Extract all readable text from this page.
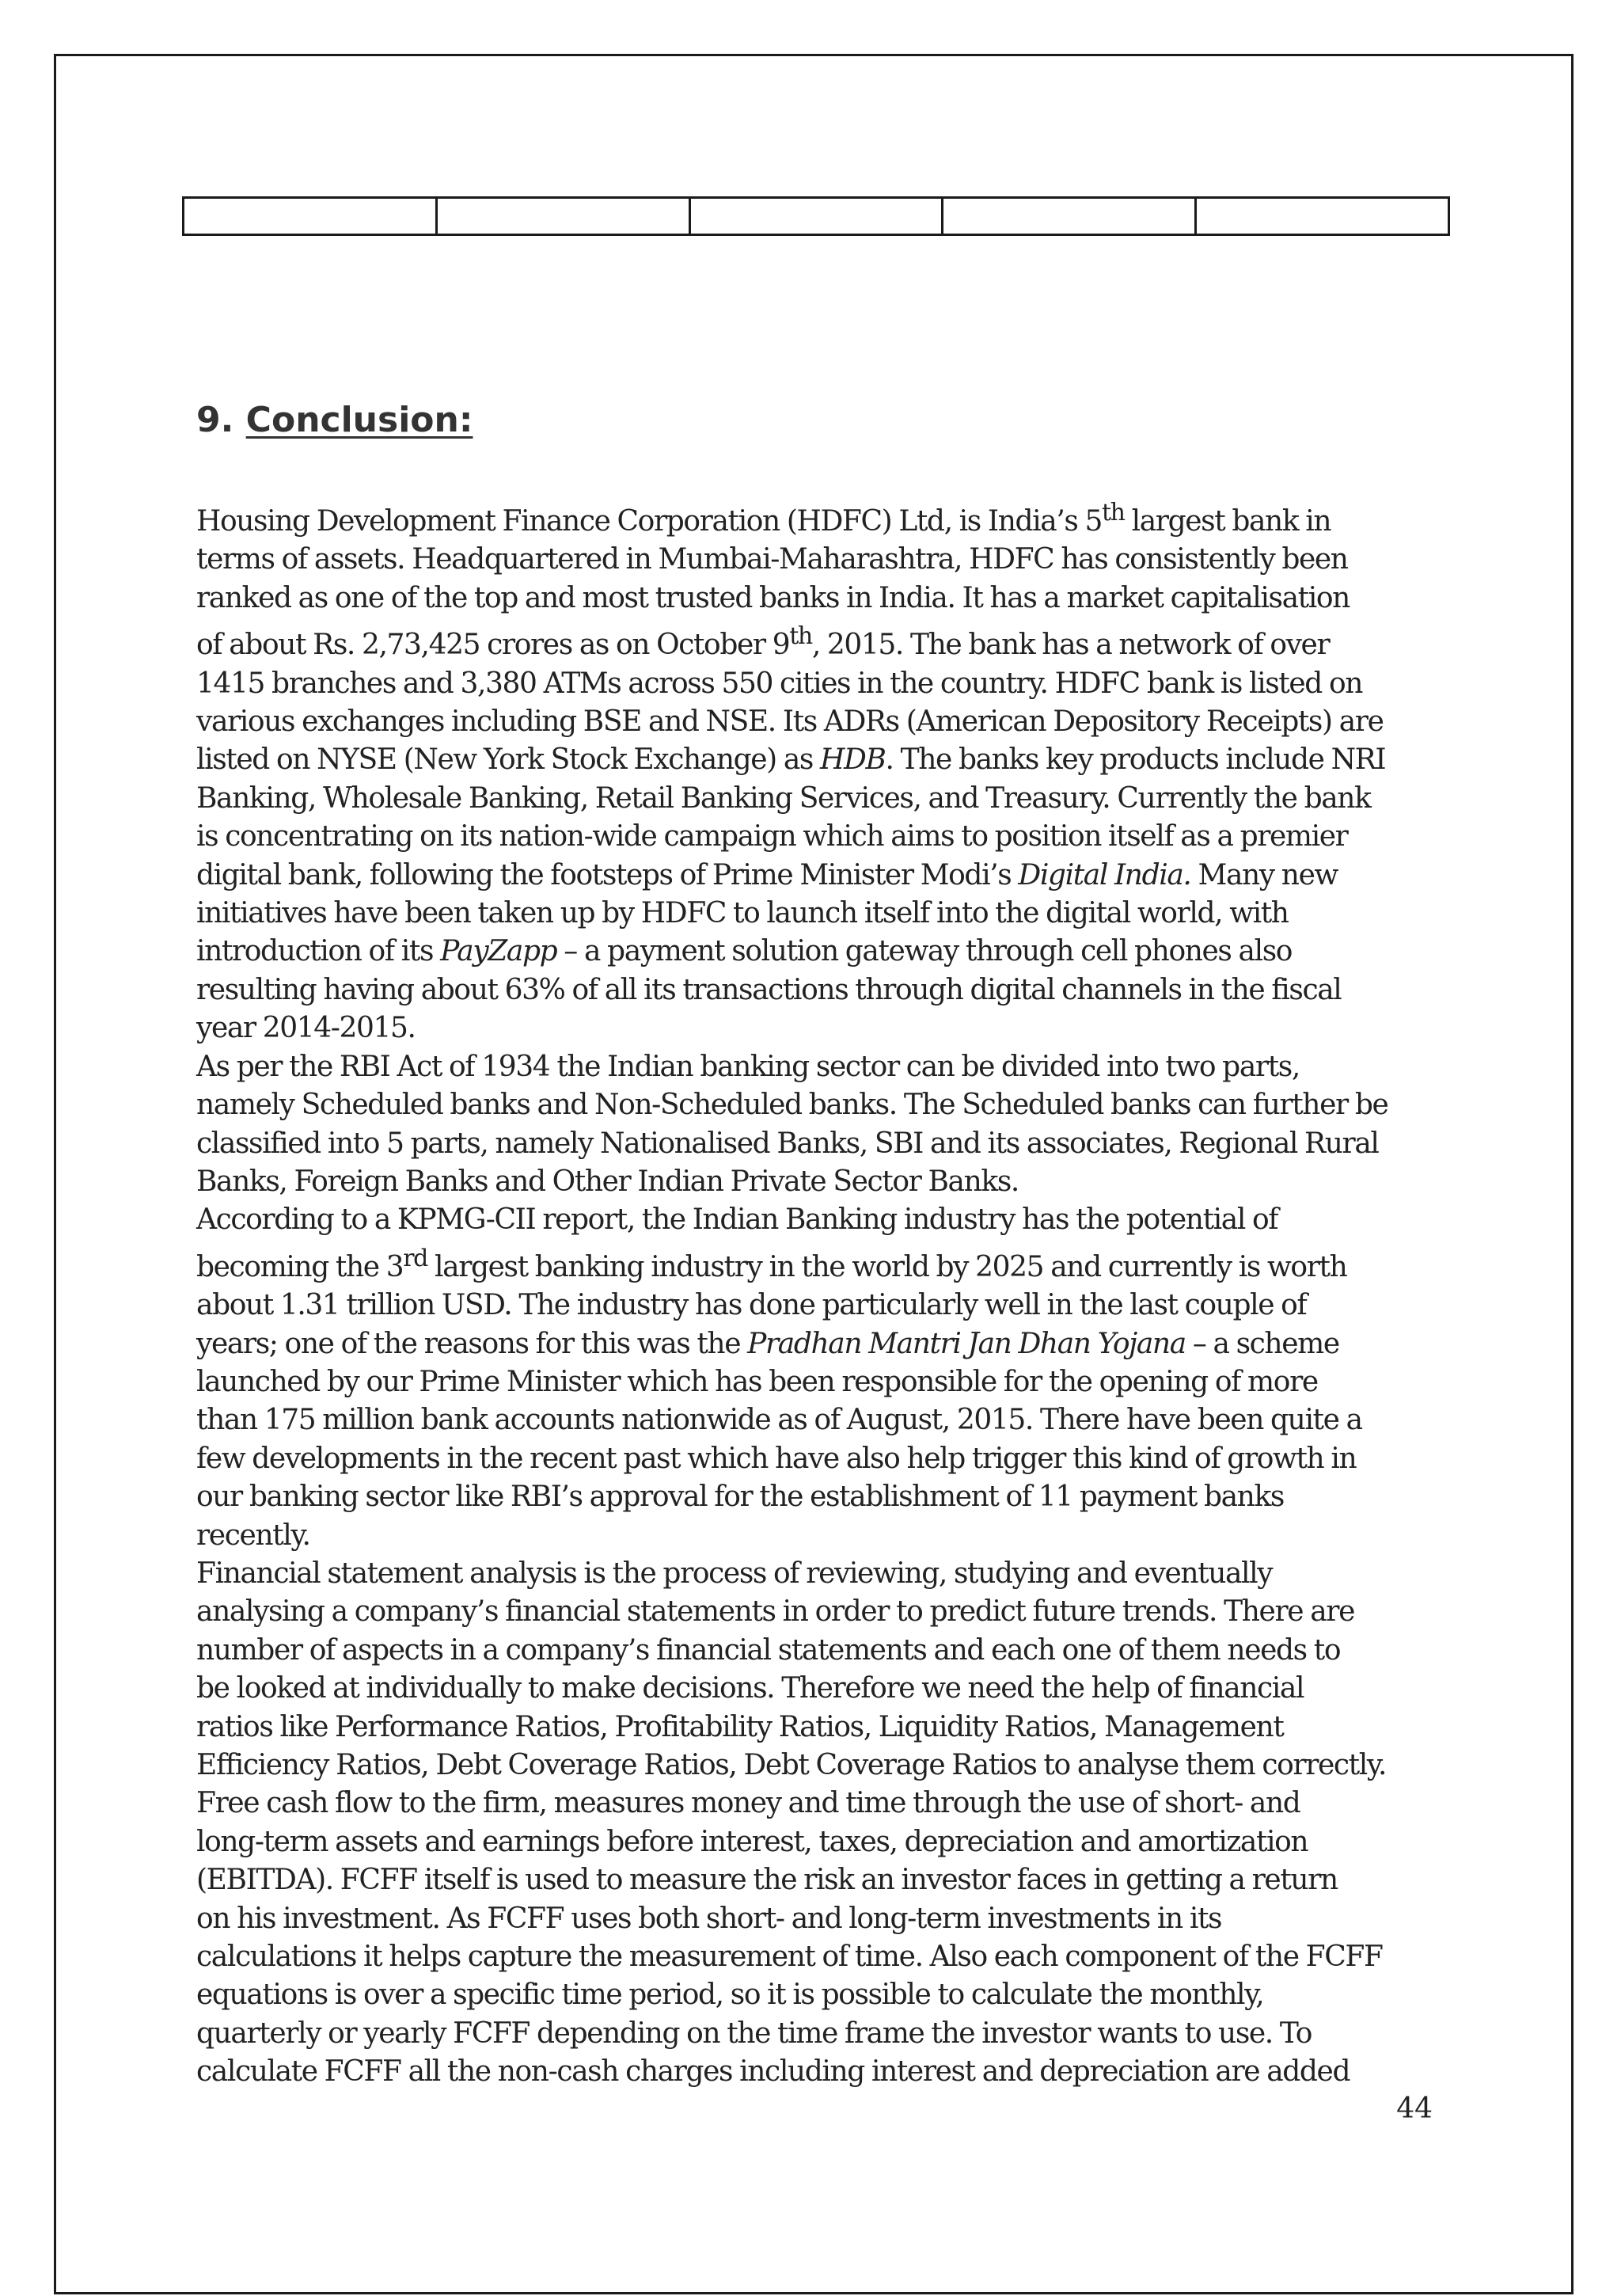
9. Conclusion:
Housing Development Finance Corporation (HDFC) Ltd, is India’s 5th largest bank in
terms of assets. Headquartered in Mumbai-Maharashtra, HDFC has consistently been
ranked as one of the top and most trusted banks in India. It has a market capitalisation
of about Rs. 2,73,425 crores as on October 9th, 2015. The bank has a network of over
1415 branches and 3,380 ATMs across 550 cities in the country. HDFC bank is listed on
various exchanges including BSE and NSE. Its ADRs (American Depository Receipts) are
listed on NYSE (New York Stock Exchange) as HDB. The banks key products include NRI
Banking, Wholesale Banking, Retail Banking Services, and Treasury. Currently the bank
is concentrating on its nation-wide campaign which aims to position itself as a premier
digital bank, following the footsteps of Prime Minister Modi’s Digital India. Many new
initiatives have been taken up by HDFC to launch itself into the digital world, with
introduction of its PayZapp – a payment solution gateway through cell phones also
resulting having about 63% of all its transactions through digital channels in the fiscal
year 2014-2015.
As per the RBI Act of 1934 the Indian banking sector can be divided into two parts,
namely Scheduled banks and Non-Scheduled banks. The Scheduled banks can further be
classified into 5 parts, namely Nationalised Banks, SBI and its associates, Regional Rural
Banks, Foreign Banks and Other Indian Private Sector Banks.
According to a KPMG-CII report, the Indian Banking industry has the potential of
becoming the 3rd largest banking industry in the world by 2025 and currently is worth
about 1.31 trillion USD. The industry has done particularly well in the last couple of
years; one of the reasons for this was the Pradhan Mantri Jan Dhan Yojana – a scheme
launched by our Prime Minister which has been responsible for the opening of more
than 175 million bank accounts nationwide as of August, 2015. There have been quite a
few developments in the recent past which have also help trigger this kind of growth in
our banking sector like RBI’s approval for the establishment of 11 payment banks
recently.
Financial statement analysis is the process of reviewing, studying and eventually
analysing a company’s financial statements in order to predict future trends. There are
number of aspects in a company’s financial statements and each one of them needs to
be looked at individually to make decisions. Therefore we need the help of financial
ratios like Performance Ratios, Profitability Ratios, Liquidity Ratios, Management
Efficiency Ratios, Debt Coverage Ratios, Debt Coverage Ratios to analyse them correctly.
Free cash flow to the firm, measures money and time through the use of short- and
long-term assets and earnings before interest, taxes, depreciation and amortization
(EBITDA). FCFF itself is used to measure the risk an investor faces in getting a return
on his investment. As FCFF uses both short- and long-term investments in its
calculations it helps capture the measurement of time. Also each component of the FCFF
equations is over a specific time period, so it is possible to calculate the monthly,
quarterly or yearly FCFF depending on the time frame the investor wants to use. To
calculate FCFF all the non-cash charges including interest and depreciation are added
44
